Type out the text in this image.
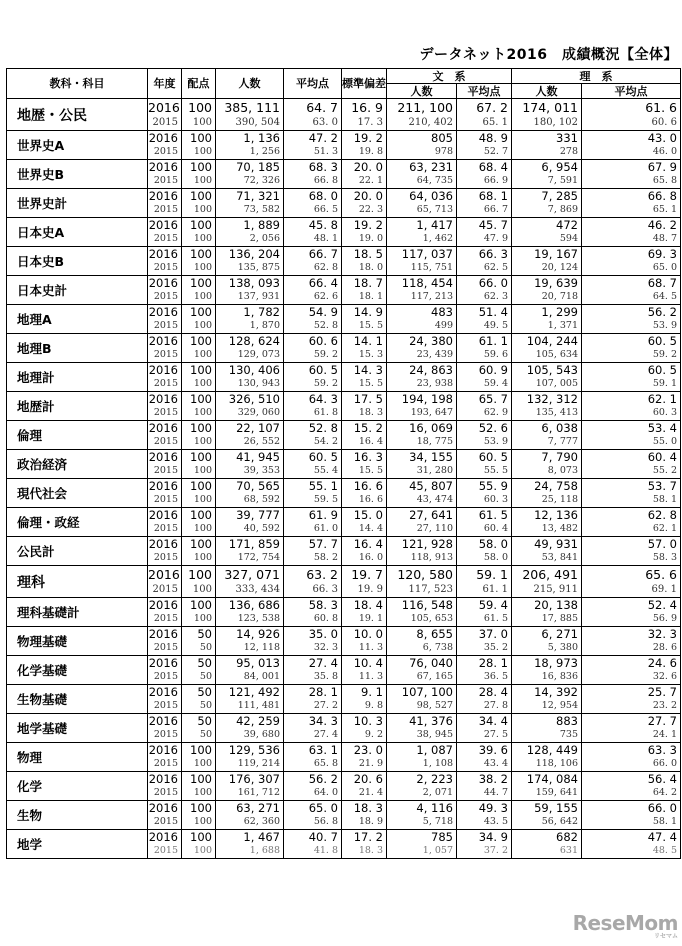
データネット2016　成績概況【全体】
教科・科目	年度	配点	人数	平均点	標準偏差	文　系		理　系	
						人数	平均点	人数	平均点
地歴・公民	2016	100	385, 111	64. 7	16. 9	211, 100	67. 2	174, 011	61. 6
	2015	100	390, 504	63. 0	17. 3	210, 402	65. 1	180, 102	60. 6
世界史A	2016	100	1, 136	47. 2	19. 2	805	48. 9	331	43. 0
	2015	100	1, 256	51. 3	19. 8	978	52. 7	278	46. 0
世界史B	2016	100	70, 185	68. 3	20. 0	63, 231	68. 4	6, 954	67. 9
	2015	100	72, 326	66. 8	22. 1	64, 735	66. 9	7, 591	65. 8
世界史計	2016	100	71, 321	68. 0	20. 0	64, 036	68. 1	7, 285	66. 8
	2015	100	73, 582	66. 5	22. 3	65, 713	66. 7	7, 869	65. 1
日本史A	2016	100	1, 889	45. 8	19. 2	1, 417	45. 7	472	46. 2
	2015	100	2, 056	48. 1	19. 0	1, 462	47. 9	594	48. 7
日本史B	2016	100	136, 204	66. 7	18. 5	117, 037	66. 3	19, 167	69. 3
	2015	100	135, 875	62. 8	18. 0	115, 751	62. 5	20, 124	65. 0
日本史計	2016	100	138, 093	66. 4	18. 7	118, 454	66. 0	19, 639	68. 7
	2015	100	137, 931	62. 6	18. 1	117, 213	62. 3	20, 718	64. 5
地理A	2016	100	1, 782	54. 9	14. 9	483	51. 4	1, 299	56. 2
	2015	100	1, 870	52. 8	15. 5	499	49. 5	1, 371	53. 9
地理B	2016	100	128, 624	60. 6	14. 1	24, 380	61. 1	104, 244	60. 5
	2015	100	129, 073	59. 2	15. 3	23, 439	59. 6	105, 634	59. 2
地理計	2016	100	130, 406	60. 5	14. 3	24, 863	60. 9	105, 543	60. 5
	2015	100	130, 943	59. 2	15. 5	23, 938	59. 4	107, 005	59. 1
地歴計	2016	100	326, 510	64. 3	17. 5	194, 198	65. 7	132, 312	62. 1
	2015	100	329, 060	61. 8	18. 3	193, 647	62. 9	135, 413	60. 3
倫理	2016	100	22, 107	52. 8	15. 2	16, 069	52. 6	6, 038	53. 4
	2015	100	26, 552	54. 2	16. 4	18, 775	53. 9	7, 777	55. 0
政治経済	2016	100	41, 945	60. 5	16. 3	34, 155	60. 5	7, 790	60. 4
	2015	100	39, 353	55. 4	15. 5	31, 280	55. 5	8, 073	55. 2
現代社会	2016	100	70, 565	55. 1	16. 6	45, 807	55. 9	24, 758	53. 7
	2015	100	68, 592	59. 5	16. 6	43, 474	60. 3	25, 118	58. 1
倫理・政経	2016	100	39, 777	61. 9	15. 0	27, 641	61. 5	12, 136	62. 8
	2015	100	40, 592	61. 0	14. 4	27, 110	60. 4	13, 482	62. 1
公民計	2016	100	171, 859	57. 7	16. 4	121, 928	58. 0	49, 931	57. 0
	2015	100	172, 754	58. 2	16. 0	118, 913	58. 0	53, 841	58. 3
理科	2016	100	327, 071	63. 2	19. 7	120, 580	59. 1	206, 491	65. 6
	2015	100	333, 434	66. 3	19. 9	117, 523	61. 1	215, 911	69. 1
理科基礎計	2016	100	136, 686	58. 3	18. 4	116, 548	59. 4	20, 138	52. 4
	2015	100	123, 538	60. 8	19. 1	105, 653	61. 5	17, 885	56. 9
物理基礎	2016	50	14, 926	35. 0	10. 0	8, 655	37. 0	6, 271	32. 3
	2015	50	12, 118	32. 3	11. 3	6, 738	35. 2	5, 380	28. 6
化学基礎	2016	50	95, 013	27. 4	10. 4	76, 040	28. 1	18, 973	24. 6
	2015	50	84, 001	35. 8	11. 3	67, 165	36. 5	16, 836	32. 6
生物基礎	2016	50	121, 492	28. 1	9. 1	107, 100	28. 4	14, 392	25. 7
	2015	50	111, 481	27. 2	9. 8	98, 527	27. 8	12, 954	23. 2
地学基礎	2016	50	42, 259	34. 3	10. 3	41, 376	34. 4	883	27. 7
	2015	50	39, 680	27. 4	9. 2	38, 945	27. 5	735	24. 1
物理	2016	100	129, 536	63. 1	23. 0	1, 087	39. 6	128, 449	63. 3
	2015	100	119, 214	65. 8	21. 9	1, 108	43. 4	118, 106	66. 0
化学	2016	100	176, 307	56. 2	20. 6	2, 223	38. 2	174, 084	56. 4
	2015	100	161, 712	64. 0	21. 4	2, 071	44. 7	159, 641	64. 2
生物	2016	100	63, 271	65. 0	18. 3	4, 116	49. 3	59, 155	66. 0
	2015	100	62, 360	56. 8	18. 9	5, 718	43. 5	56, 642	58. 1
地学	2016	100	1, 467	40. 7	17. 2	785	34. 9	682	47. 4
	2015	100	1, 688	41. 8	18. 3	1, 057	37. 2	631	48. 5
ReseMom
リセマム
